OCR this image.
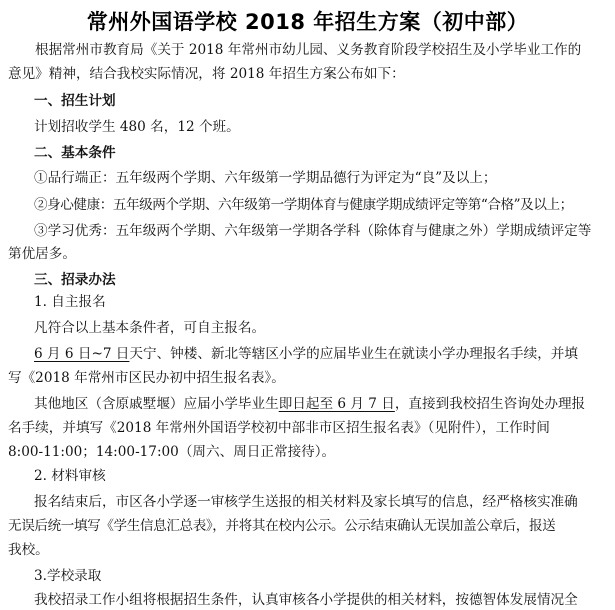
常州外国语学校 2018 年招生方案（初中部）
根据常州市教育局《关于 2018 年常州市幼儿园、义务教育阶段学校招生及小学毕业工作的
意见》精神，结合我校实际情况，将 2018 年招生方案公布如下：
一、招生计划
计划招收学生 480 名，12 个班。
二、基本条件
①品行端正：五年级两个学期、六年级第一学期品德行为评定为“良”及以上；
②身心健康：五年级两个学期、六年级第一学期体育与健康学期成绩评定等第“合格”及以上；
③学习优秀：五年级两个学期、六年级第一学期各学科（除体育与健康之外）学期成绩评定等
第优居多。
三、招录办法
1. 自主报名
凡符合以上基本条件者，可自主报名。
6 月 6 日~7 日天宁、钟楼、新北等辖区小学的应届毕业生在就读小学办理报名手续，并填
写《2018 年常州市区民办初中招生报名表》。
其他地区（含原戚墅堰）应届小学毕业生即日起至 6 月 7 日，直接到我校招生咨询处办理报
名手续，并填写《2018 年常州外国语学校初中部非市区招生报名表》（见附件），工作时间
8:00-11:00；14:00-17:00（周六、周日正常接待）。
2. 材料审核
报名结束后，市区各小学逐一审核学生送报的相关材料及家长填写的信息，经严格核实准确
无误后统一填写《学生信息汇总表》，并将其在校内公示。公示结束确认无误加盖公章后，报送
我校。
3.学校录取
我校招录工作小组将根据招生条件，认真审核各小学提供的相关材料，按德智体发展情况全
